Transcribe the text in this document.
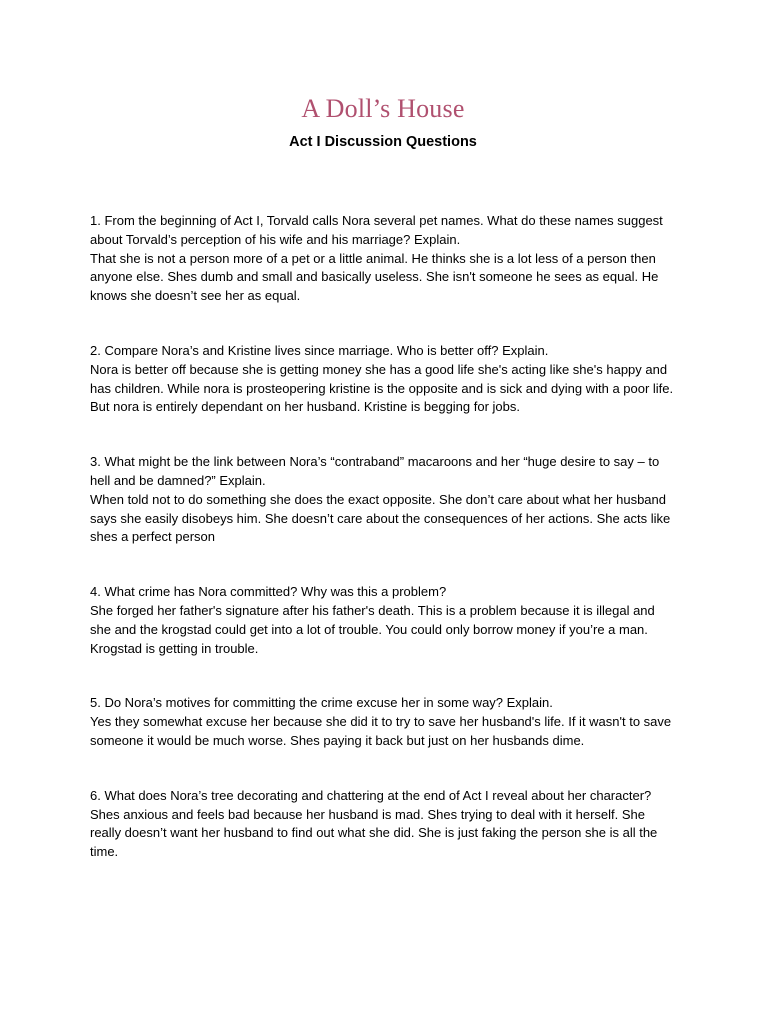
A Doll’s House
Act I Discussion Questions

1. From the beginning of Act I, Torvald calls Nora several pet names. What do these names suggest about Torvald’s perception of his wife and his marriage? Explain.

That she is not a person more of a pet or a little animal. He thinks she is a lot less of a person then anyone else. Shes dumb and small and basically useless. She isn't someone he sees as equal. He knows she doesn’t see her as equal.

2. Compare Nora’s and Kristine lives since marriage. Who is better off? Explain.

Nora is better off because she is getting money she has a good life she's acting like she's happy and has children. While nora is prosteopering kristine is the opposite and is sick and dying with a poor life. But nora is entirely dependant on her husband. Kristine is begging for jobs.

3. What might be the link between Nora’s “contraband” macaroons and her “huge desire to say – to hell and be damned?” Explain.

When told not to do something she does the exact opposite. She don’t care about what her husband says she easily disobeys him. She doesn’t care about the consequences of her actions. She acts like shes a perfect person

4. What crime has Nora committed? Why was this a problem?

She forged her father's signature after his father's death. This is a problem because it is illegal and she and the krogstad could get into a lot of trouble. You could only borrow money if you’re a man. Krogstad is getting in trouble.

5. Do Nora’s motives for committing the crime excuse her in some way? Explain.

Yes they somewhat excuse her because she did it to try to save her husband's life. If it wasn't to save someone it would be much worse. Shes paying it back but just on her husbands dime.

6. What does Nora’s tree decorating and chattering at the end of Act I reveal about her character?

Shes anxious and feels bad because her husband is mad. Shes trying to deal with it herself. She really doesn’t want her husband to find out what she did. She is just faking the person she is all the time.
